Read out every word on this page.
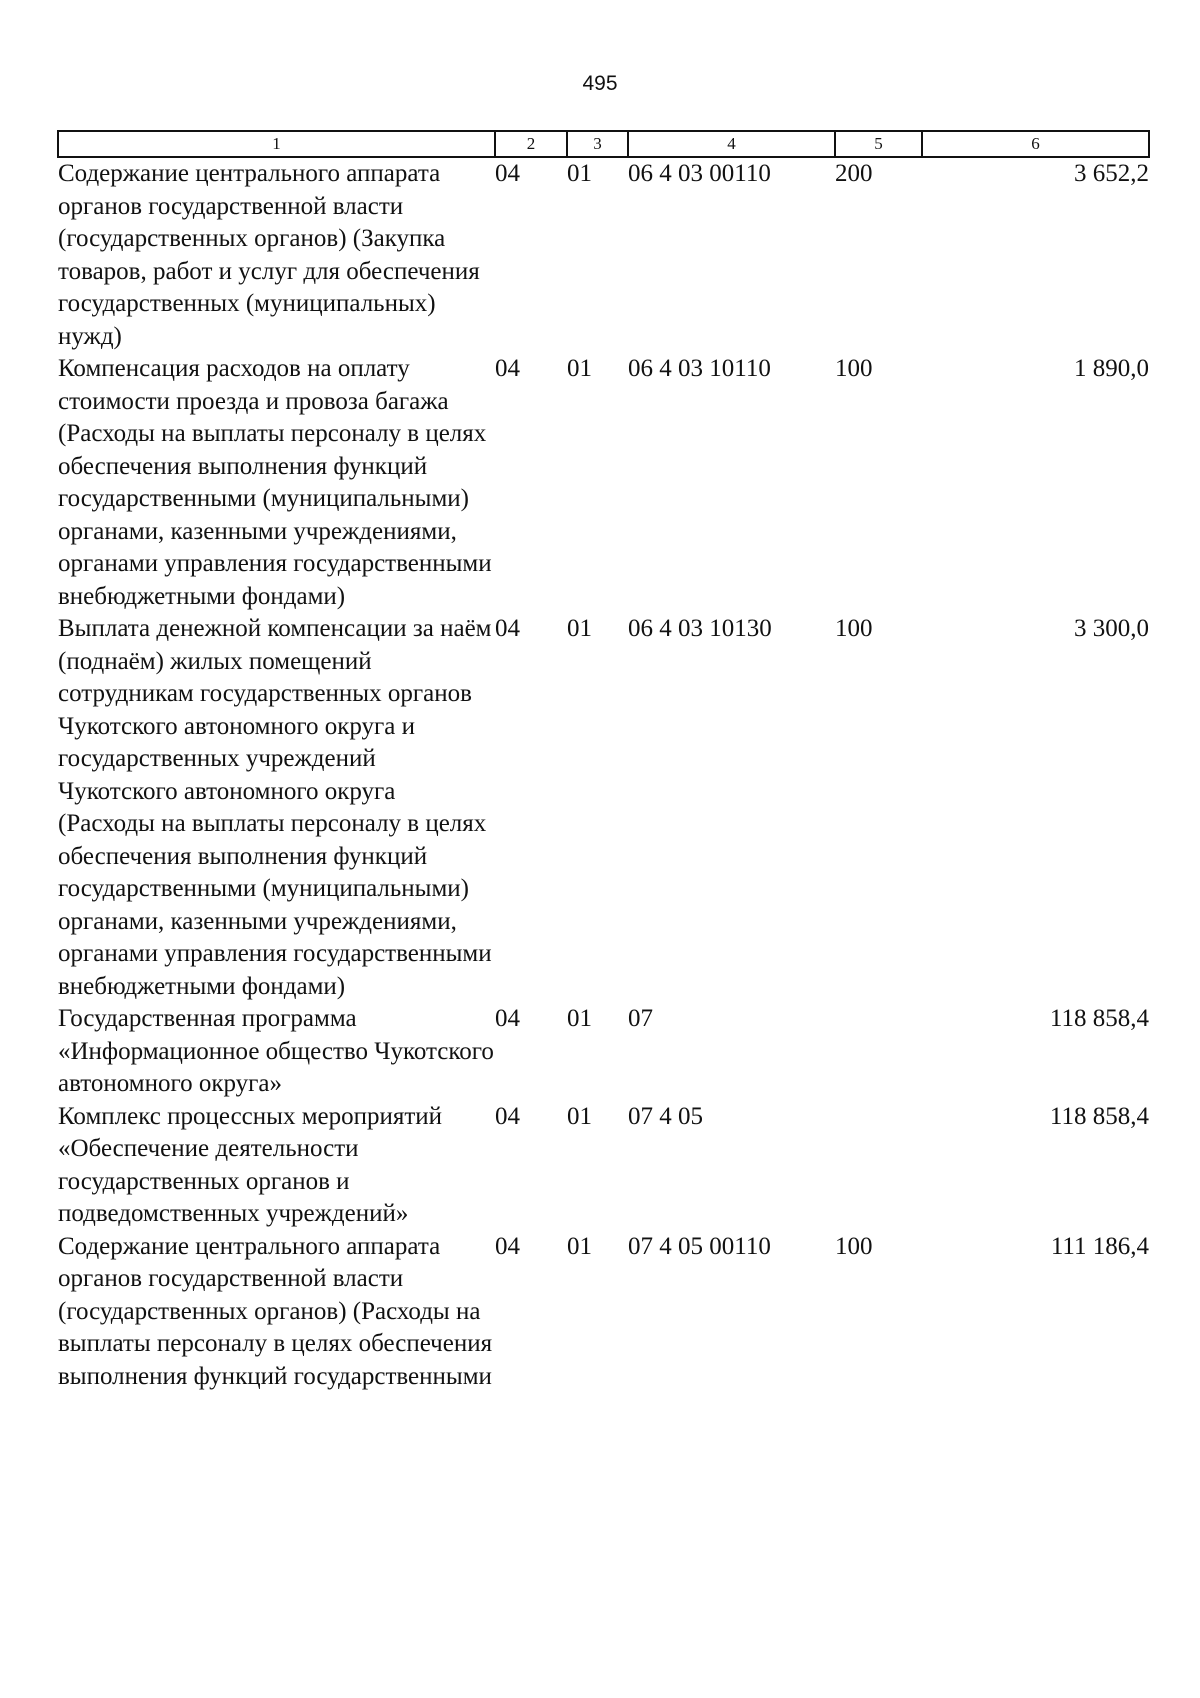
495
1	2	3	4	5	6
Содержание центрального аппарата органов государственной власти (государственных органов) (Закупка товаров, работ и услуг для обеспечения государственных (муниципальных) нужд)	04	01	06 4 03 00110	200	3 652,2
Компенсация расходов на оплату стоимости проезда и провоза багажа (Расходы на выплаты персоналу в целях обеспечения выполнения функций государственными (муниципальными) органами, казенными учреждениями, органами управления государственными внебюджетными фондами)	04	01	06 4 03 10110	100	1 890,0
Выплата денежной компенсации за наём (поднаём) жилых помещений сотрудникам государственных органов Чукотского автономного округа и государственных учреждений Чукотского автономного округа (Расходы на выплаты персоналу в целях обеспечения выполнения функций государственными (муниципальными) органами, казенными учреждениями, органами управления государственными внебюджетными фондами)	04	01	06 4 03 10130	100	3 300,0
Государственная программа «Информационное общество Чукотского автономного округа»	04	01	07		118 858,4
Комплекс процессных мероприятий «Обеспечение деятельности государственных органов и подведомственных учреждений»	04	01	07 4 05		118 858,4
Содержание центрального аппарата органов государственной власти (государственных органов) (Расходы на выплаты персоналу в целях обеспечения выполнения функций государственными	04	01	07 4 05 00110	100	111 186,4
